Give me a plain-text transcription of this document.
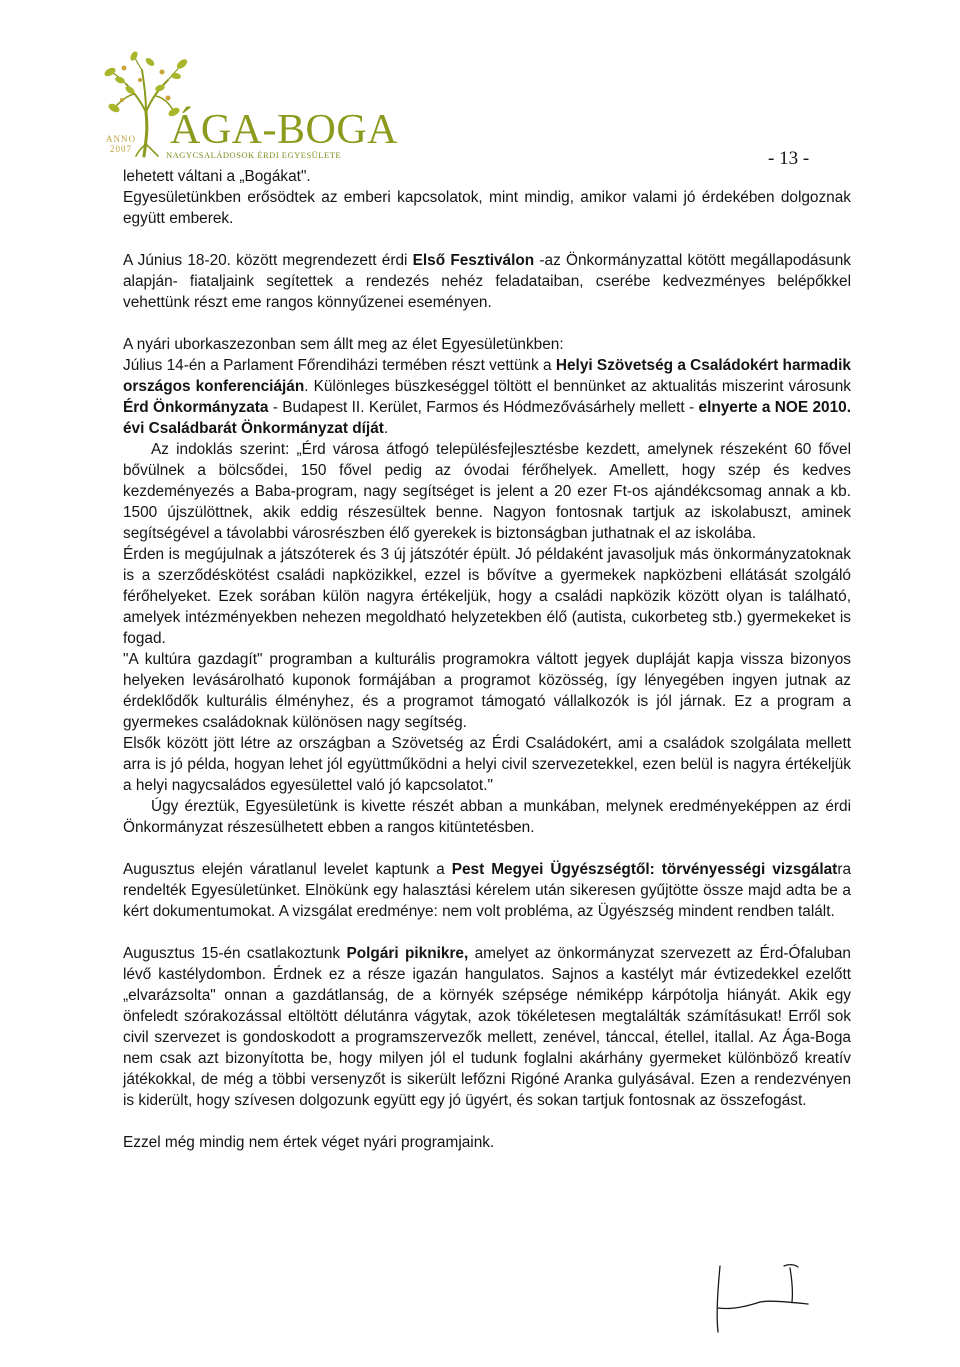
ANNO
2007 ÁGA-BOGA
NAGYCSALÁDOSOK ÉRDI EGYESÜLETE	- 13 -

lehetett váltani a „Bogákat".

Egyesületünkben erősödtek az emberi kapcsolatok, mint mindig, amikor valami jó érdekében dolgoznak együtt emberek.

A Június 18-20. között megrendezett érdi Első Fesztiválon -az Önkormányzattal kötött megállapodásunk alapján- fiataljaink segítettek a rendezés nehéz feladataiban, cserébe kedvezményes belépőkkel vehettünk részt eme rangos könnyűzenei eseményen.

A nyári uborkaszezonban sem állt meg az élet Egyesületünkben:

Július 14-én a Parlament Főrendiházi termében részt vettünk a Helyi Szövetség a Családokért harmadik országos konferenciáján. Különleges büszkeséggel töltött el bennünket az aktualitás miszerint városunk Érd Önkormányzata - Budapest II. Kerület, Farmos és Hódmezővásárhely mellett - elnyerte a NOE 2010. évi Családbarát Önkormányzat díját.

Az indoklás szerint: „Érd városa átfogó településfejlesztésbe kezdett, amelynek részeként 60 fővel bővülnek a bölcsődei, 150 fővel pedig az óvodai férőhelyek. Amellett, hogy szép és kedves kezdeményezés a Baba-program, nagy segítséget is jelent a 20 ezer Ft-os ajándékcsomag annak a kb. 1500 újszülöttnek, akik eddig részesültek benne. Nagyon fontosnak tartjuk az iskolabuszt, aminek segítségével a távolabbi városrészben élő gyerekek is biztonságban juthatnak el az iskolába.

Érden is megújulnak a játszóterek és 3 új játszótér épült. Jó példaként javasoljuk más önkormányzatoknak is a szerződéskötést családi napközikkel, ezzel is bővítve a gyermekek napközbeni ellátását szolgáló férőhelyeket. Ezek sorában külön nagyra értékeljük, hogy a családi napközik között olyan is található, amelyek intézményekben nehezen megoldható helyzetekben élő (autista, cukorbeteg stb.) gyermekeket is fogad.

"A kultúra gazdagít" programban a kulturális programokra váltott jegyek dupláját kapja vissza bizonyos helyeken levásárolható kuponok formájában a programot közösség, így lényegében ingyen jutnak az érdeklődők kulturális élményhez, és a programot támogató vállalkozók is jól járnak. Ez a program a gyermekes családoknak különösen nagy segítség.

Elsők között jött létre az országban a Szövetség az Érdi Családokért, ami a családok szolgálata mellett arra is jó példa, hogyan lehet jól együttműködni a helyi civil szervezetekkel, ezen belül is nagyra értékeljük a helyi nagycsaládos egyesülettel való jó kapcsolatot."

Úgy éreztük, Egyesületünk is kivette részét abban a munkában, melynek eredményeképpen az érdi Önkormányzat részesülhetett ebben a rangos kitüntetésben.

Augusztus elején váratlanul levelet kaptunk a Pest Megyei Ügyészségtől: törvényességi vizsgálatra rendelték Egyesületünket. Elnökünk egy halasztási kérelem után sikeresen gyűjtötte össze majd adta be a kért dokumentumokat. A vizsgálat eredménye: nem volt probléma, az Ügyészség mindent rendben talált.

Augusztus 15-én csatlakoztunk Polgári piknikre, amelyet az önkormányzat szervezett az Érd-Ófaluban lévő kastélydombon. Érdnek ez a része igazán hangulatos. Sajnos a kastélyt már évtizedekkel ezelőtt „elvarázsolta" onnan a gazdátlanság, de a környék szépsége némiképp kárpótolja hiányát. Akik egy önfeledt szórakozással eltöltött délutánra vágytak, azok tökéletesen megtalálták számításukat! Erről sok civil szervezet is gondoskodott a programszervezők mellett, zenével, tánccal, étellel, itallal. Az Ága-Boga nem csak azt bizonyította be, hogy milyen jól el tudunk foglalni akárhány gyermeket különböző kreatív játékokkal, de még a többi versenyzőt is sikerült lefőzni Rigóné Aranka gulyásával. Ezen a rendezvényen is kiderült, hogy szívesen dolgozunk együtt egy jó ügyért, és sokan tartjuk fontosnak az összefogást.

Ezzel még mindig nem értek véget nyári programjaink.
